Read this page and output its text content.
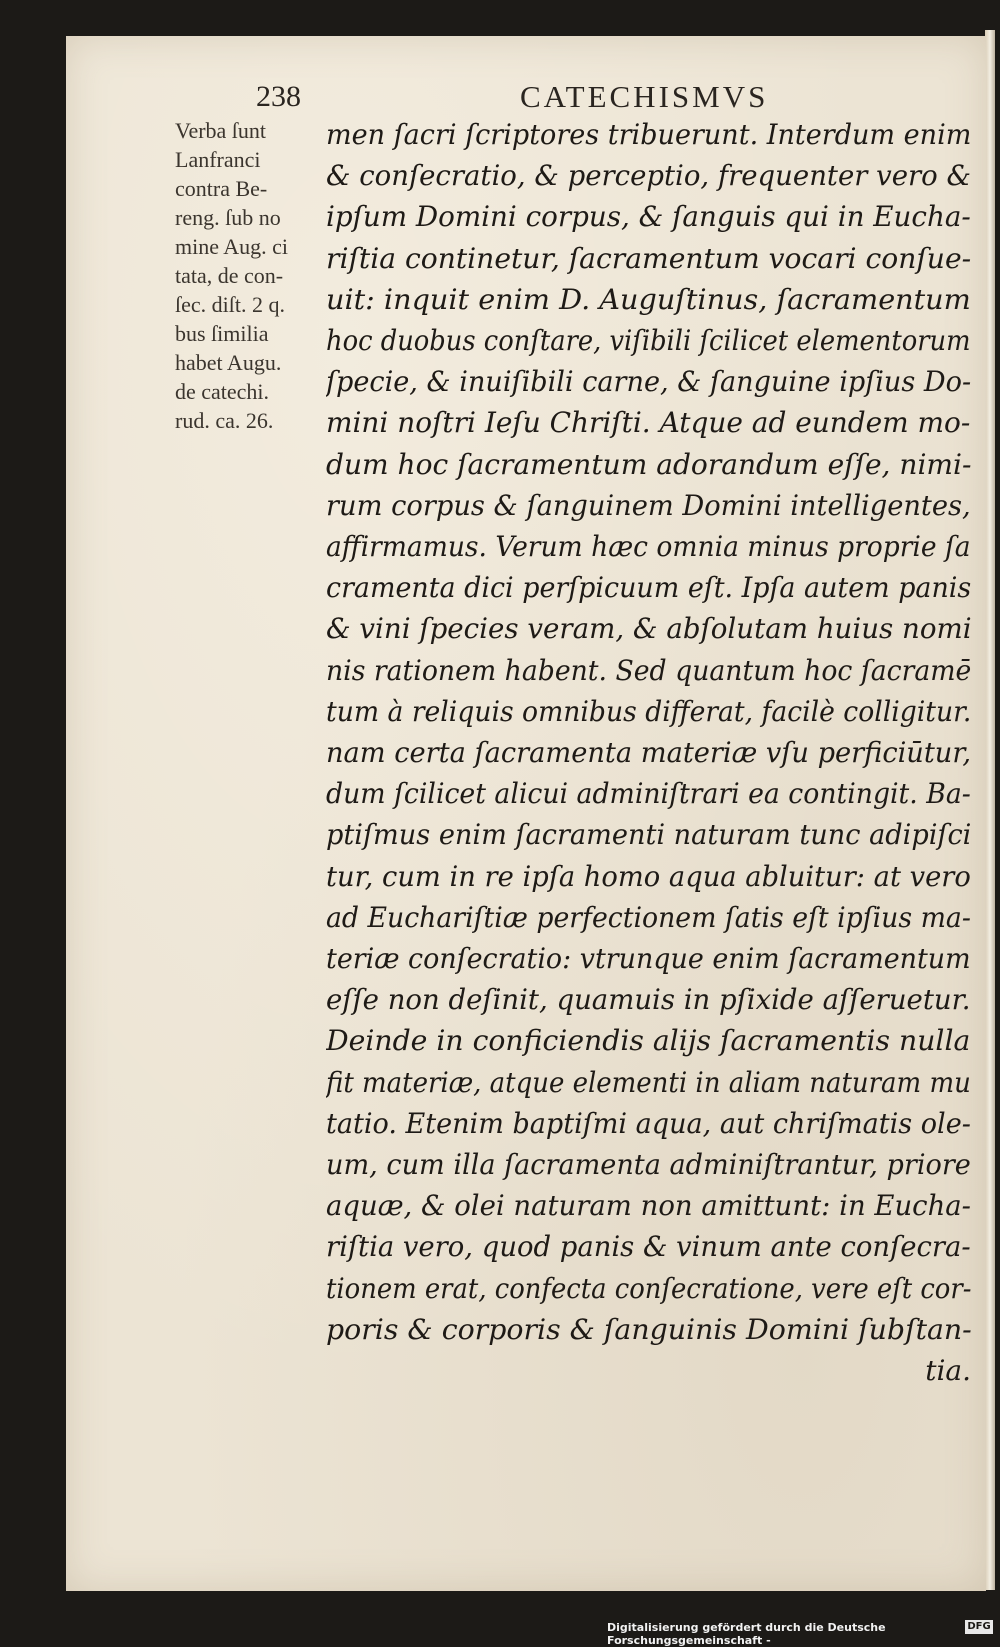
238	CATECHISMVS
Verba ſunt
Lanfranci
contra Be-
reng. ſub no
mine Aug. ci
tata, de con-
ſec. diſt. 2 q.
bus ſimilia
habet Augu.
de catechi.
rud. ca. 26.
men ſacri ſcriptores tribuerunt. Interdum enim
& conſecratio, & perceptio, frequenter vero &
ipſum Domini corpus, & ſanguis qui in Eucha-
riſtia continetur, ſacramentum vocari conſue-
uit: inquit enim D. Auguſtinus, ſacramentum
hoc duobus conſtare, viſibili ſcilicet elementorum
ſpecie, & inuiſibili carne, & ſanguine ipſius Do-
mini noſtri Ieſu Chriſti. Atque ad eundem mo-
dum hoc ſacramentum adorandum eſſe, nimi-
rum corpus & ſanguinem Domini intelligentes,
affirmamus. Verum hæc omnia minus proprie ſa
cramenta dici perſpicuum eſt. Ipſa autem panis
& vini ſpecies veram, & abſolutam huius nomi
nis rationem habent. Sed quantum hoc ſacramē
tum à reliquis omnibus differat, facilè colligitur.
nam certa ſacramenta materiæ vſu perficiūtur,
dum ſcilicet alicui adminiſtrari ea contingit. Ba-
ptiſmus enim ſacramenti naturam tunc adipiſci
tur, cum in re ipſa homo aqua abluitur: at vero
ad Euchariſtiæ perfectionem ſatis eſt ipſius ma-
teriæ conſecratio: vtrunque enim ſacramentum
eſſe non deſinit, quamuis in pſixide aſſeruetur.
Deinde in conficiendis alijs ſacramentis nulla
fit materiæ, atque elementi in aliam naturam mu
tatio. Etenim baptiſmi aqua, aut chriſmatis ole-
um, cum illa ſacramenta adminiſtrantur, priore
aquæ, & olei naturam non amittunt: in Eucha-
riſtia vero, quod panis & vinum ante conſecra-
tionem erat, confecta conſecratione, vere eſt cor-
poris & corporis & ſanguinis Domini ſubſtan-
tia.
Digitalisierung gefördert durch die Deutsche Forschungsgemeinschaft -
DFG
